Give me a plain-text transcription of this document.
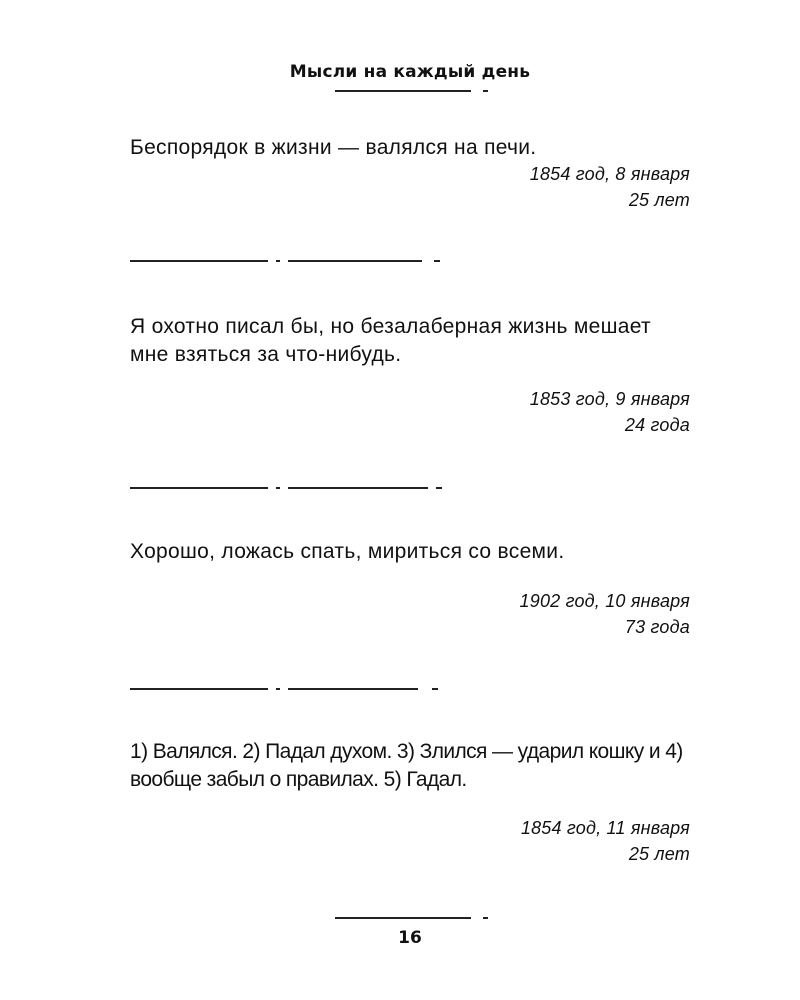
Мысли на каждый день

Беспорядок в жизни — валялся на печи.

1854 год, 8 января
25 лет

Я охотно писал бы, но безалаберная жизнь мешает мне взяться за что-нибудь.

1853 год, 9 января
24 года

Хорошо, ложась спать, мириться со всеми.

1902 год, 10 января
73 года

1) Валялся. 2) Падал духом. 3) Злился — ударил кошку и 4) вообще забыл о правилах. 5) Гадал.

1854 год, 11 января
25 лет
16
